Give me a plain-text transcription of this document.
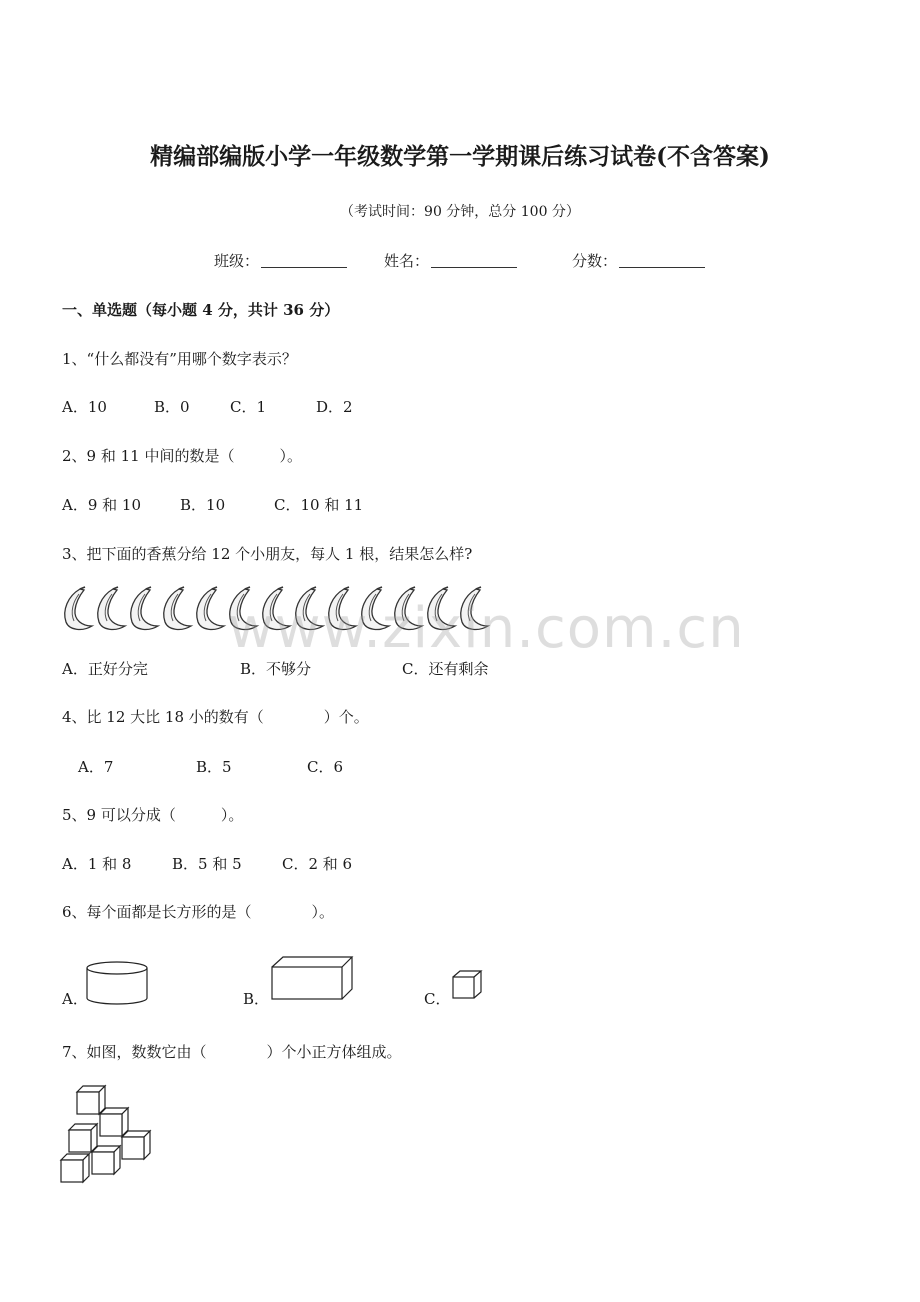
精编部编版小学一年级数学第一学期课后练习试卷(不含答案)
（考试时间：90 分钟，总分 100 分）
班级：	姓名：	分数：
一、单选题（每小题 4 分，共计 36 分）
1、“什么都没有”用哪个数字表示？
A．10	B．0	C．1	D．2
2、9 和 11 中间的数是（　　　）。
A．9 和 10	B．10	C．10 和 11
3、把下面的香蕉分给 12 个小朋友，每人 1 根，结果怎么样?
A．正好分完	B．不够分	C．还有剩余
www.zixin.com.cn
4、比 12 大比 18 小的数有（　　　　）个。
A．7	B．5	C．6
5、9 可以分成（　　　）。
A．1 和 8	B．5 和 5	C．2 和 6
6、每个面都是长方形的是（　　　　）。
A．	B．	C．
7、如图，数数它由（　　　　）个小正方体组成。
